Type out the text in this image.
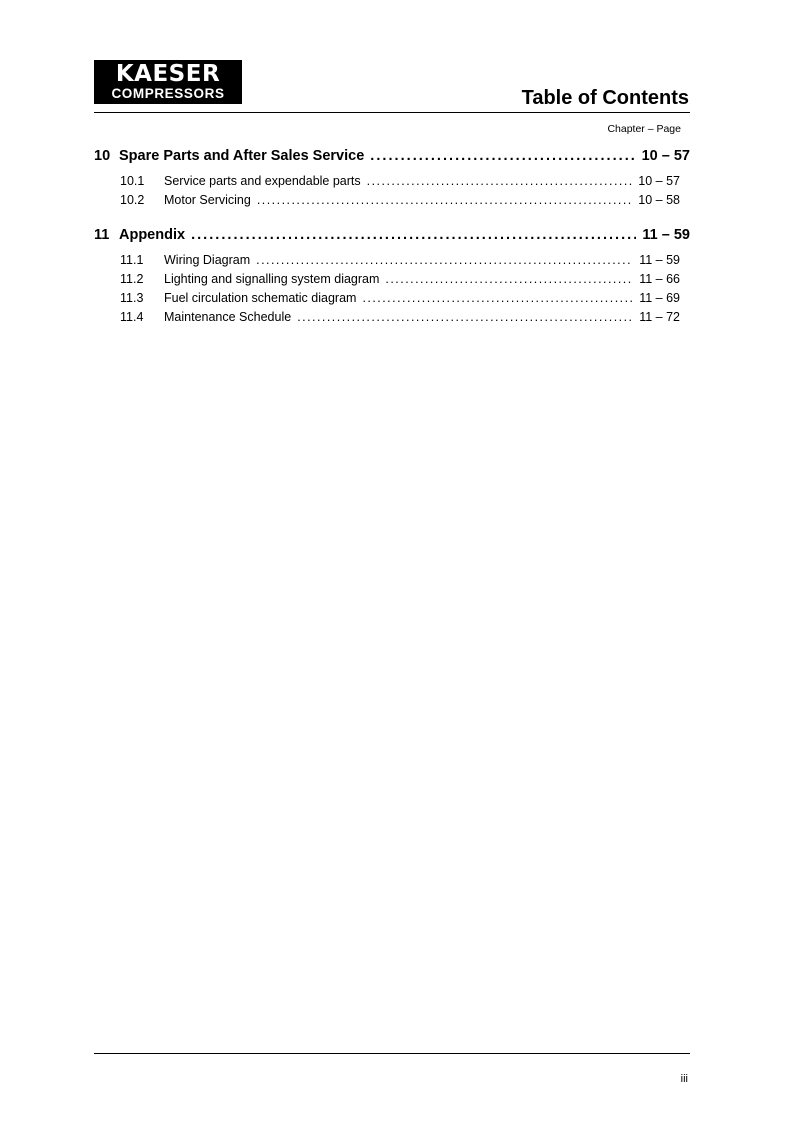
KAESER
COMPRESSORS	Table of Contents
Chapter – Page
10 Spare Parts and After Sales Service . . .	10 – 57
10.1	Service parts and expendable parts . . .	10 – 57
10.2	Motor Servicing . . .	10 – 58
11 Appendix . . .	11 – 59
11.1	Wiring Diagram . . .	11 – 59
11.2	Lighting and signalling system diagram . . .	11 – 66
11.3	Fuel circulation schematic diagram . . .	11 – 69
11.4	Maintenance Schedule . . .	11 – 72
iii
